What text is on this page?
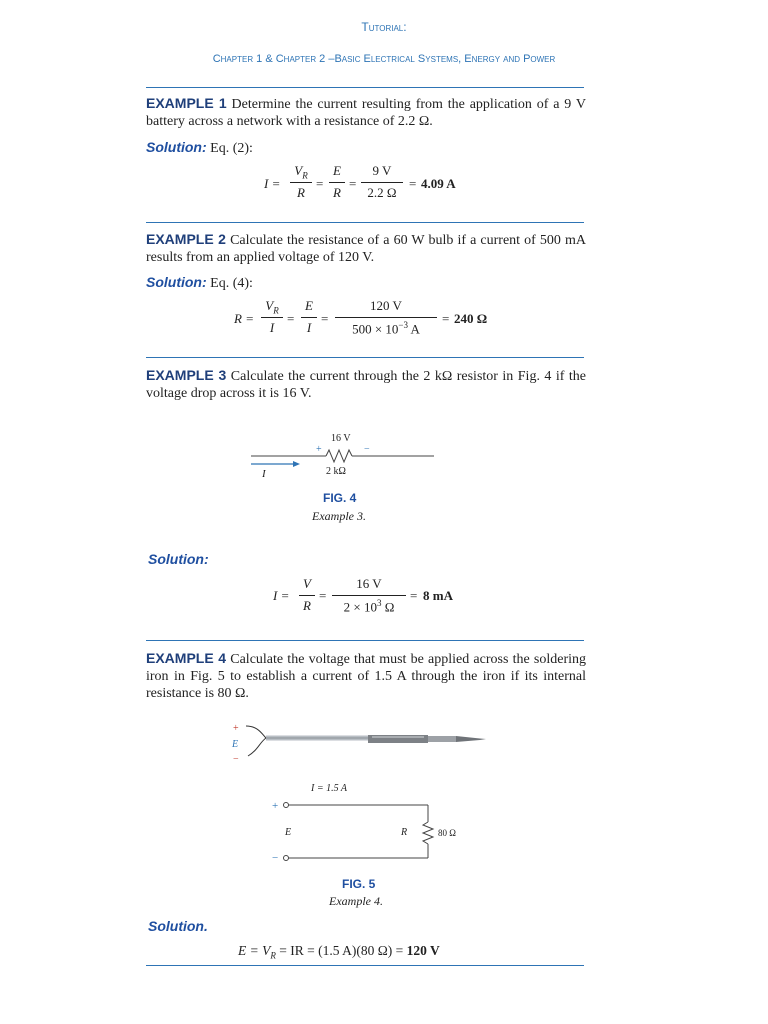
Tutorial:
Chapter 1 & Chapter 2 –Basic Electrical Systems, Energy and Power
EXAMPLE 1 Determine the current resulting from the application of a 9 V battery across a network with a resistance of 2.2 Ω.
Solution: Eq. (2):
I =
$V_R$
R
=
E
R
=
9 V
2.2 Ω
= 4.09 A
EXAMPLE 2 Calculate the resistance of a 60 W bulb if a current of 500 mA results from an applied voltage of 120 V.
Solution: Eq. (4):
R =
$V_R$
I
=
E
I
=
120 V
$500 \times 10^{-3}$ A
= 240 Ω
EXAMPLE 3 Calculate the current through the 2 kΩ resistor in Fig. 4 if the voltage drop across it is 16 V.
16 V
+	−
2 kΩ
I
FIG. 4
Example 3.
Solution:
I =
V
R
=
16 V
$2 \times 10^3$ Ω
= 8 mA
EXAMPLE 4 Calculate the voltage that must be applied across the soldering iron in Fig. 5 to establish a current of 1.5 A through the iron if its internal resistance is 80 Ω.
+
E
−
I = 1.5 A
+
E
−
R	80 Ω
FIG. 5
Example 4.
Solution.
$E = V_R$ = IR = (1.5 A)(80 Ω) = 120 V
